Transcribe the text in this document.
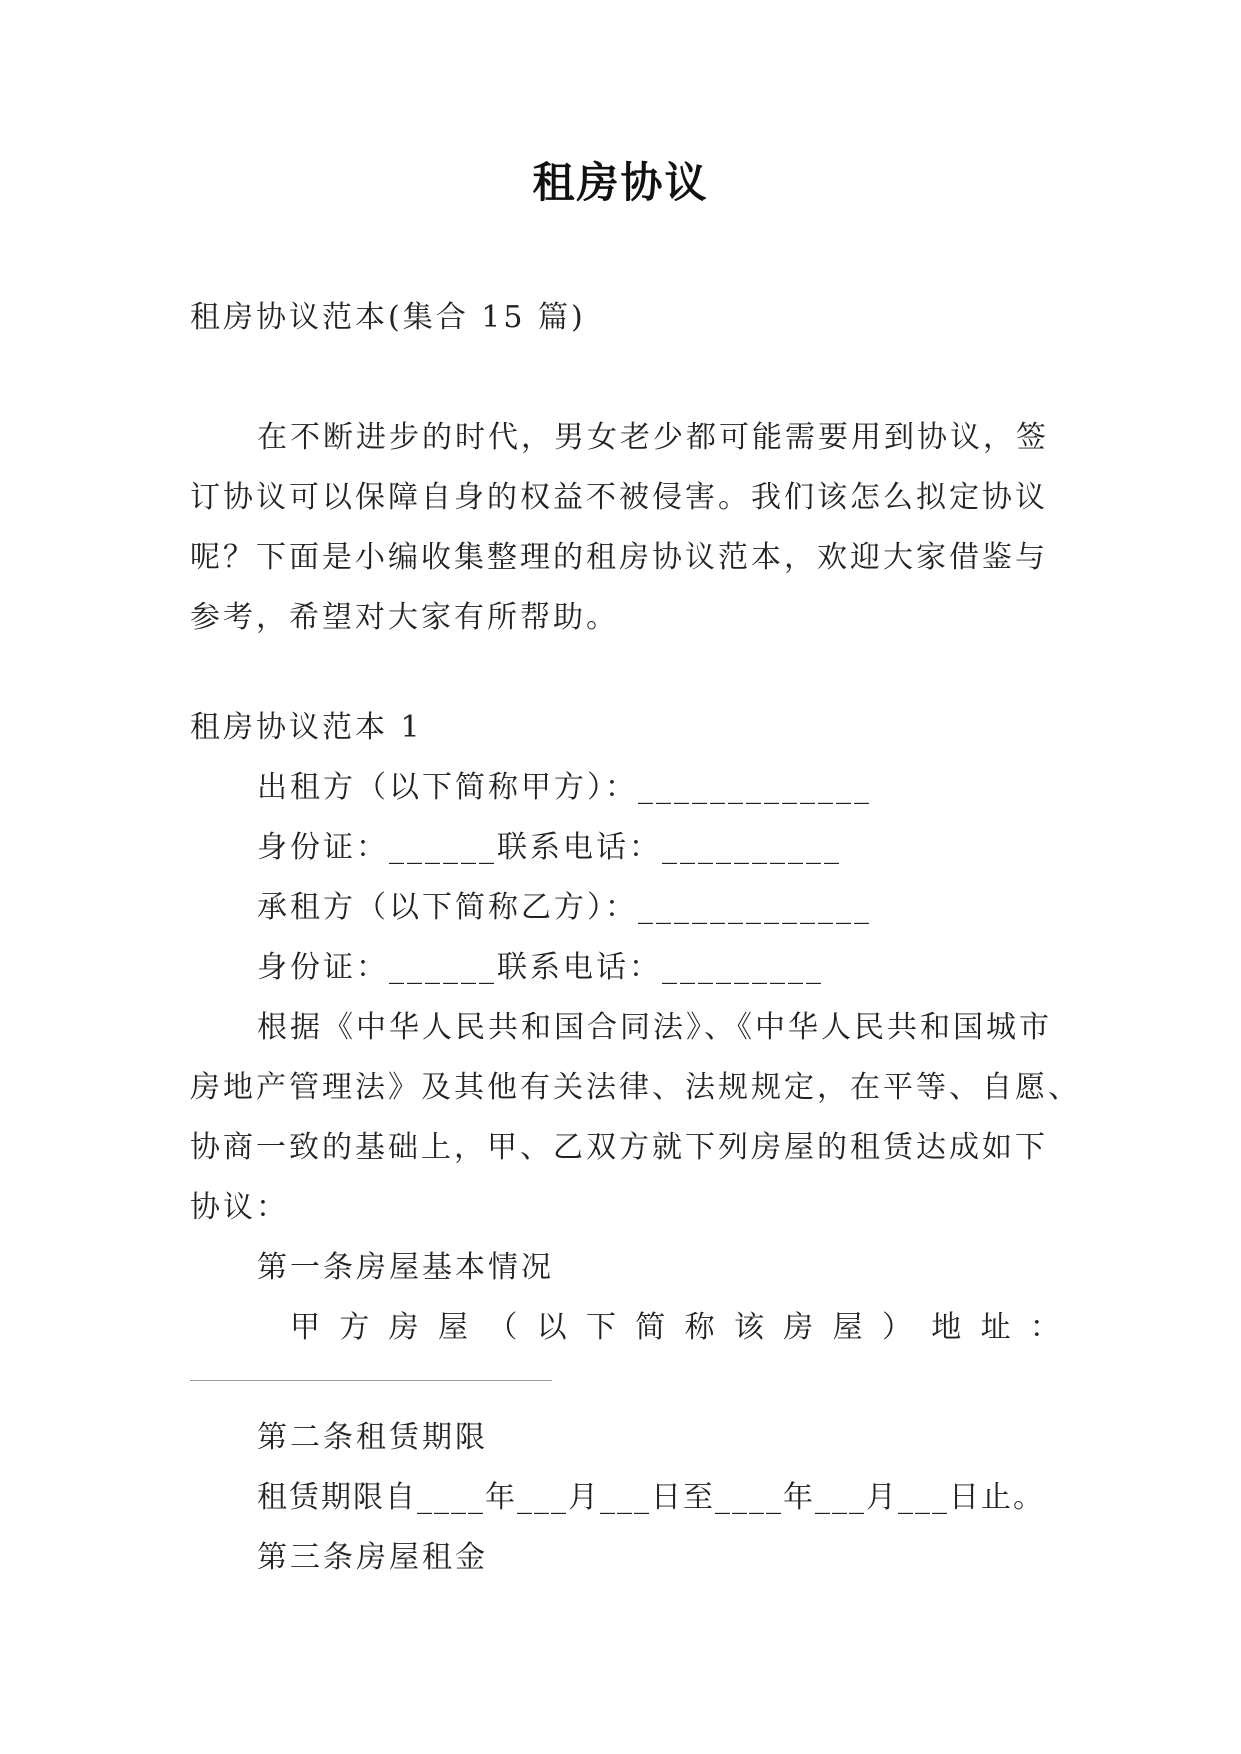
租房协议
租房协议范本(集合 15 篇)
在不断进步的时代，男女老少都可能需要用到协议，签
订协议可以保障自身的权益不被侵害。我们该怎么拟定协议
呢？下面是小编收集整理的租房协议范本，欢迎大家借鉴与
参考，希望对大家有所帮助。
租房协议范本 1
出租方（以下简称甲方）：_____________
身份证：______联系电话：__________
承租方（以下简称乙方）：_____________
身份证：______联系电话：_________
根据《中华人民共和国合同法》、《中华人民共和国城市
房地产管理法》及其他有关法律、法规规定，在平等、自愿、
协商一致的基础上，甲、乙双方就下列房屋的租赁达成如下
协议：
第一条房屋基本情况
甲 方 房 屋 （ 以 下 简 称 该 房 屋 ） 地 址 ：
第二条租赁期限
租赁期限自____年___月___日至____年___月___日止。
第三条房屋租金
